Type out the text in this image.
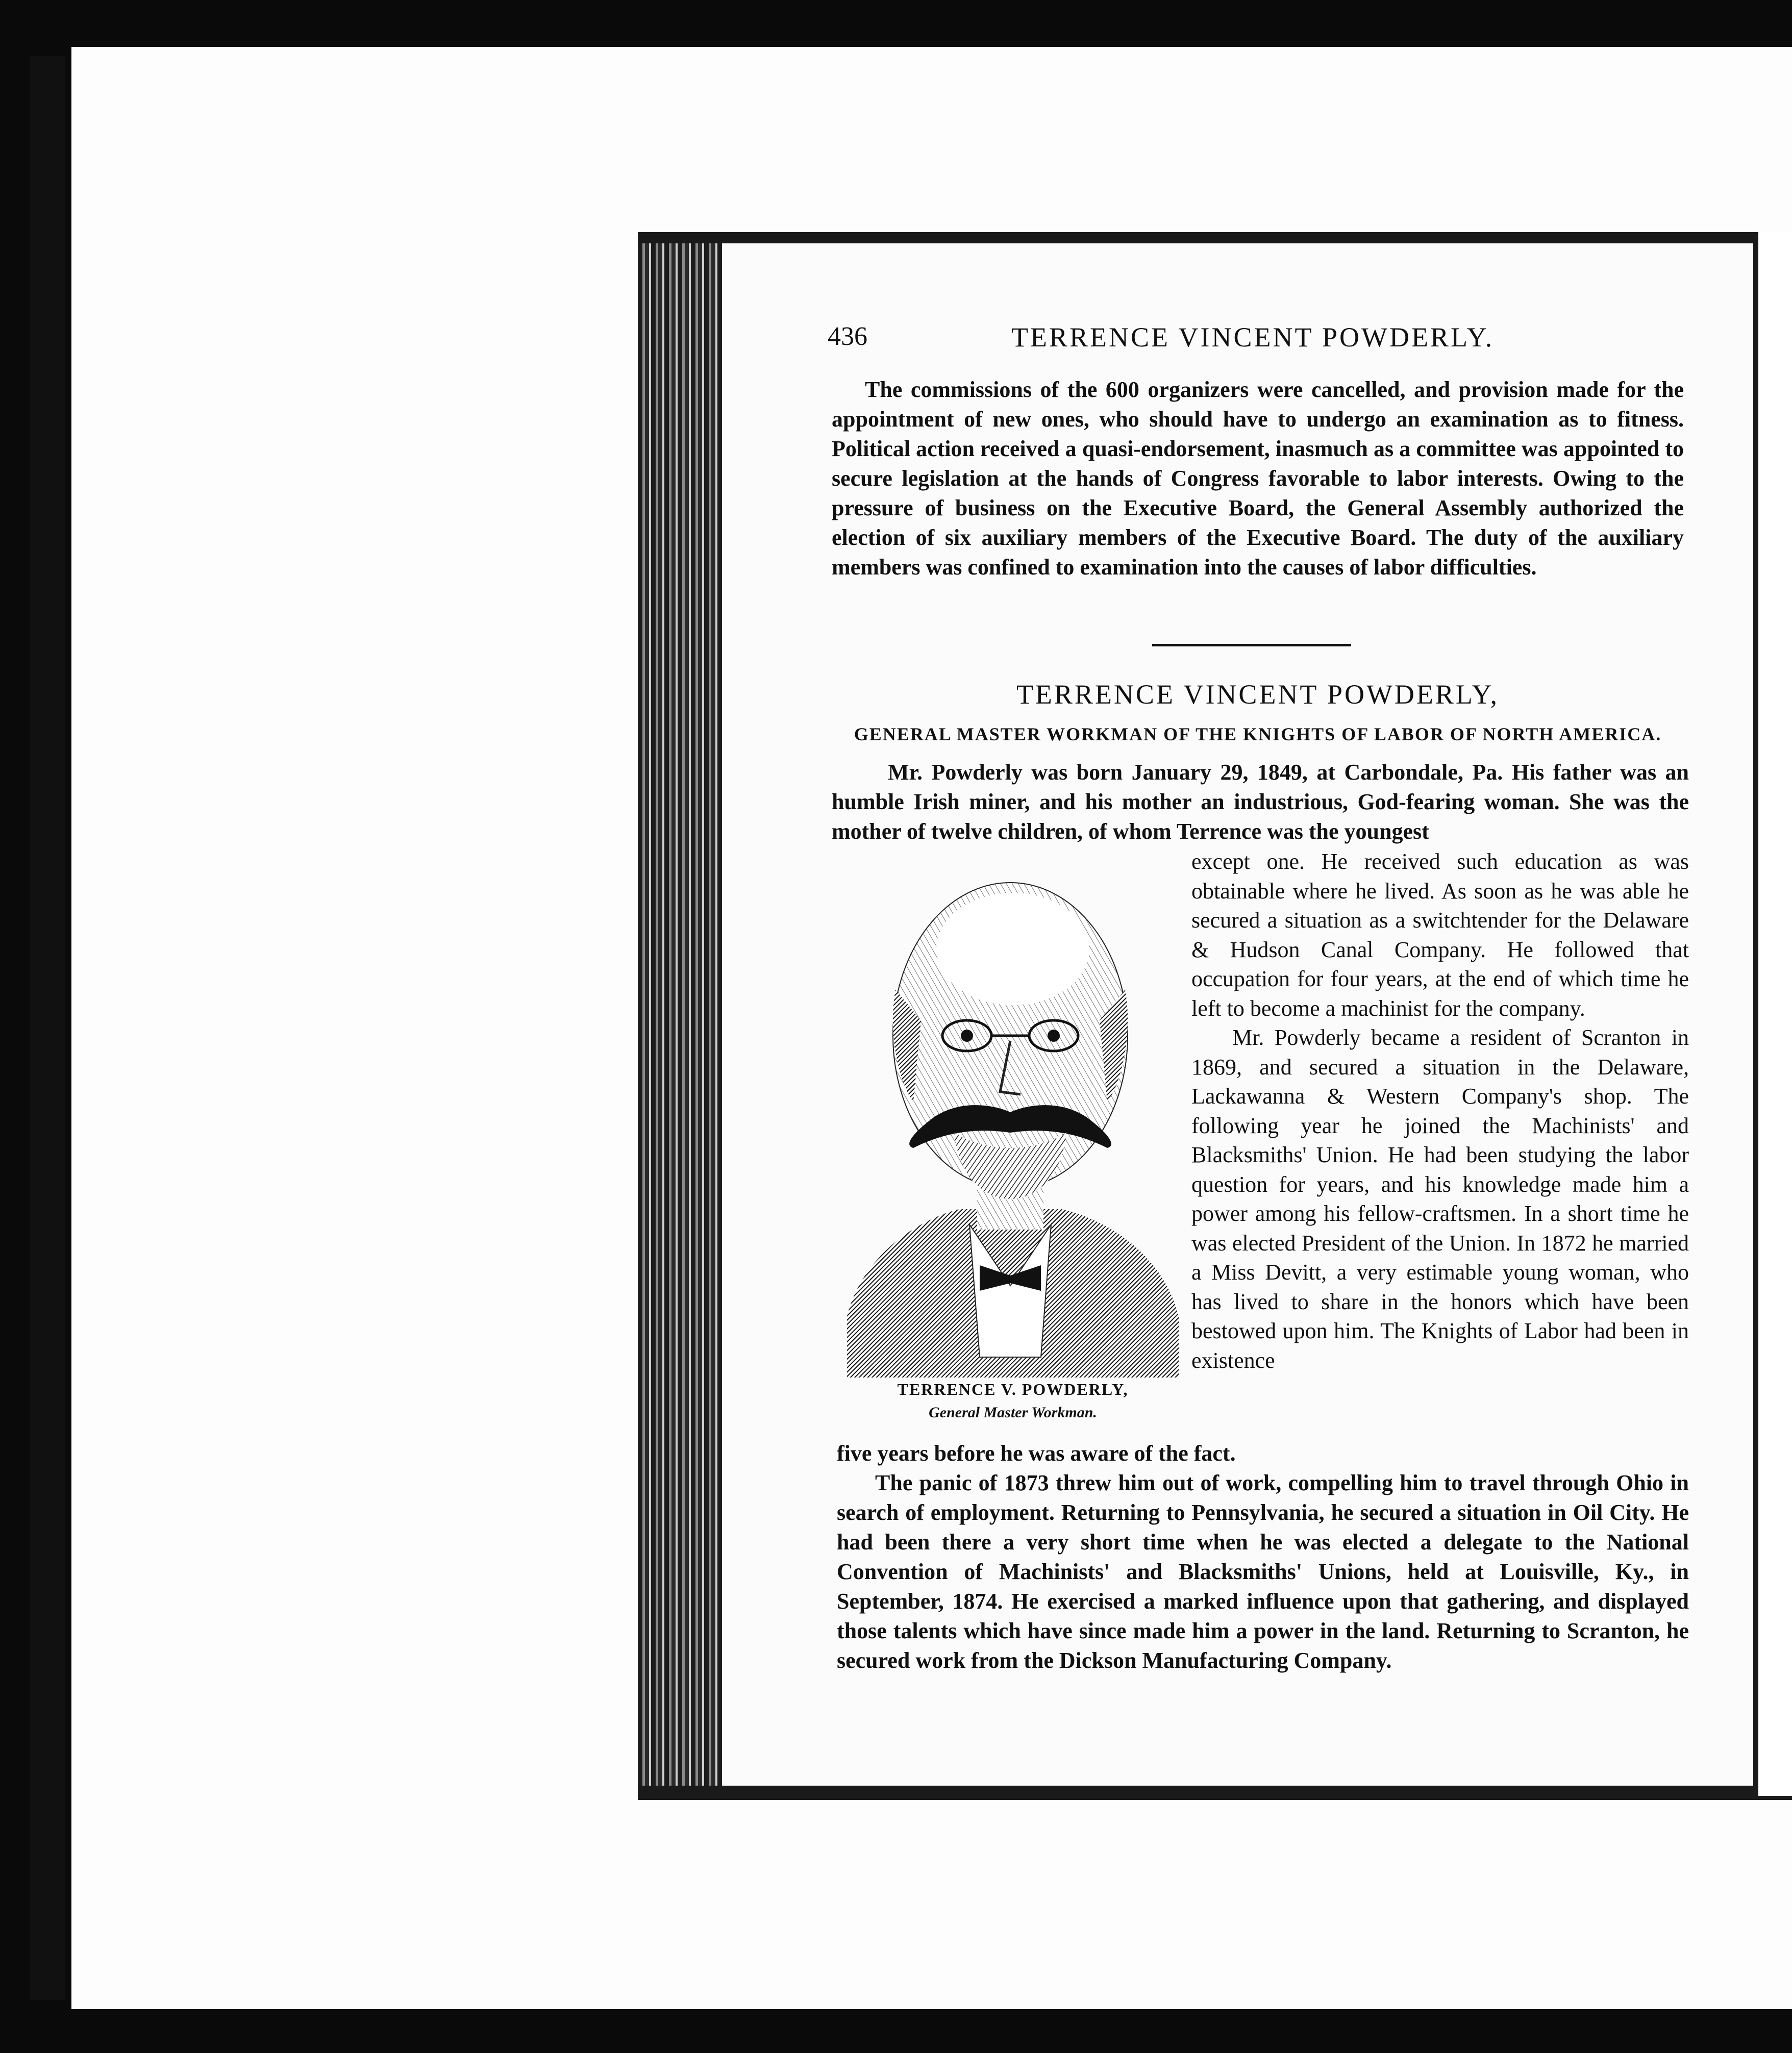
436	TERRENCE VINCENT POWDERLY.

The commissions of the 600 organizers were cancelled, and provision made for the appointment of new ones, who should have to undergo an examination as to fitness. Political action received a quasi-endorsement, inasmuch as a committee was appointed to secure legislation at the hands of Congress favorable to labor interests. Owing to the pressure of business on the Executive Board, the General Assembly authorized the election of six auxiliary members of the Executive Board. The duty of the auxiliary members was confined to examination into the causes of labor difficulties.

TERRENCE VINCENT POWDERLY,
GENERAL MASTER WORKMAN OF THE KNIGHTS OF LABOR OF NORTH AMERICA.

Mr. Powderly was born January 29, 1849, at Carbondale, Pa. His father was an humble Irish miner, and his mother an industrious, God-fearing woman. She was the mother of twelve children, of whom Terrence was the youngest

TERRENCE V. POWDERLY,
General Master Workman.

except one. He received such education as was obtainable where he lived. As soon as he was able he secured a situation as a switchtender for the Delaware & Hudson Canal Company. He followed that occupation for four years, at the end of which time he left to become a machinist for the company.

Mr. Powderly became a resident of Scranton in 1869, and secured a situation in the Delaware, Lackawanna & Western Company's shop. The following year he joined the Machinists' and Blacksmiths' Union. He had been studying the labor question for years, and his knowledge made him a power among his fellow-craftsmen. In a short time he was elected President of the Union. In 1872 he married a Miss Devitt, a very estimable young woman, who has lived to share in the honors which have been bestowed upon him. The Knights of Labor had been in existence

five years before he was aware of the fact.

The panic of 1873 threw him out of work, compelling him to travel through Ohio in search of employment. Returning to Pennsylvania, he secured a situation in Oil City. He had been there a very short time when he was elected a delegate to the National Convention of Machinists' and Blacksmiths' Unions, held at Louisville, Ky., in September, 1874. He exercised a marked influence upon that gathering, and displayed those talents which have since made him a power in the land. Returning to Scranton, he secured work from the Dickson Manufacturing Company.
